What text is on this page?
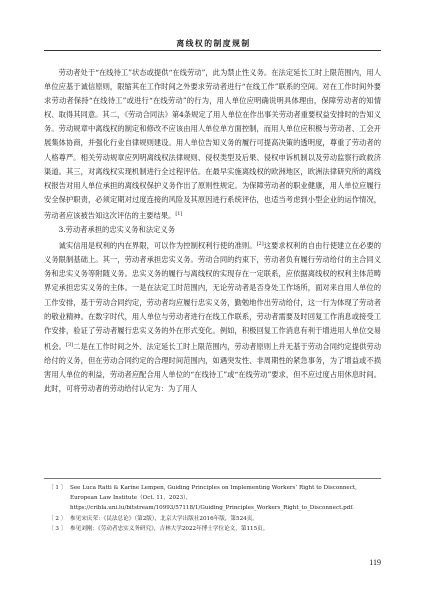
离线权的制度规制

劳动者处于“在线待工”状态或提供“在线劳动”，此为禁止性义务。在法定延长工时上限范围内，用人单位应基于诚信原则，限缩其在工作时间之外要求劳动者进行“在线工作”联系的空间。对在工作时间外要求劳动者保持“在线待工”或进行“在线劳动”的行为，用人单位应明确说明具体理由，保障劳动者的知情权、取得其同意。其二，《劳动合同法》第4条规定了用人单位在作出事关劳动者重要权益安排时的告知义务。劳动规章中离线权的制定和修改不应该由用人单位单方面控制，而用人单位应积极与劳动者、工会开展集体协商，并强化行业自律规则建设。用人单位告知义务的履行可提高决策的透明度，尊重了劳动者的人格尊严。相关劳动规章应列明离线权法律规则、侵权类型及后果、侵权申诉机制以及劳动监察行政救济渠道。其三，对离线权实现机制进行全过程评估。在最早实施离线权的欧洲地区，欧洲法律研究所的离线权报告对用人单位承担的离线权保护义务作出了原则性规定。为保障劳动者的职业健康，用人单位应履行安全保护职责，必须定期对过度连接的风险及其原因进行系统评估，也适当考虑到小型企业的运作情况，劳动者应该被告知这次评估的主要结果。[1]

3.劳动者承担的忠实义务和法定义务

诚实信用是权利的内在界限，可以作为控制权利行使的准则。[2]这要求权利的自由行使建立在必要的义务限制基础上。其一，劳动者承担忠实义务。劳动合同的约束下，劳动者负有履行劳动给付的主合同义务和忠实义务等附随义务。忠实义务的履行与离线权的实现存在一定联系，应依据离线权的权利主体范畴界定承担忠实义务的主体。一是在法定工时范围内，无论劳动者是否身处工作场所，面对来自用人单位的工作安排，基于劳动合同约定，劳动者均应履行忠实义务，勤勉地作出劳动给付，这一行为体现了劳动者的敬业精神。在数字时代，用人单位与劳动者进行在线工作联系，劳动者需要及时回复工作消息或接受工作安排，验证了劳动者履行忠实义务的外在形式变化。例如，积极回复工作消息有利于增进用人单位交易机会。[3]二是在工作时间之外、法定延长工时上限范围内，劳动者原则上并无基于劳动合同约定提供劳动给付的义务，但在劳动合同约定的合理时间范围内，如遇突发性、非周期性的紧急事务，为了增益或不损害用人单位的利益，劳动者应配合用人单位的“在线待工”或“在线劳动”要求，但不应过度占用休息时间。此时，可将劳动者的劳动给付认定为：为了用人

〔 1 〕 See Luca Ratti & Karine Lempen, Guiding Principles on Implementing Workers’ Right to Disconnect, European Law Institute（Oct. 11，2023），https://cribla.uni.lu/bitstream/10993/57118/1/Guiding_Principles_Workers_Right_to_Disconnect.pdf.
〔 2 〕 参见宋庆荣：《民法总论》（第2版），北京大学出版社2016年版，第524页。
〔 3 〕 参见刘刚：《劳动者忠实义务研究》，吉林大学2022年博士学位论文，第115页。
119
